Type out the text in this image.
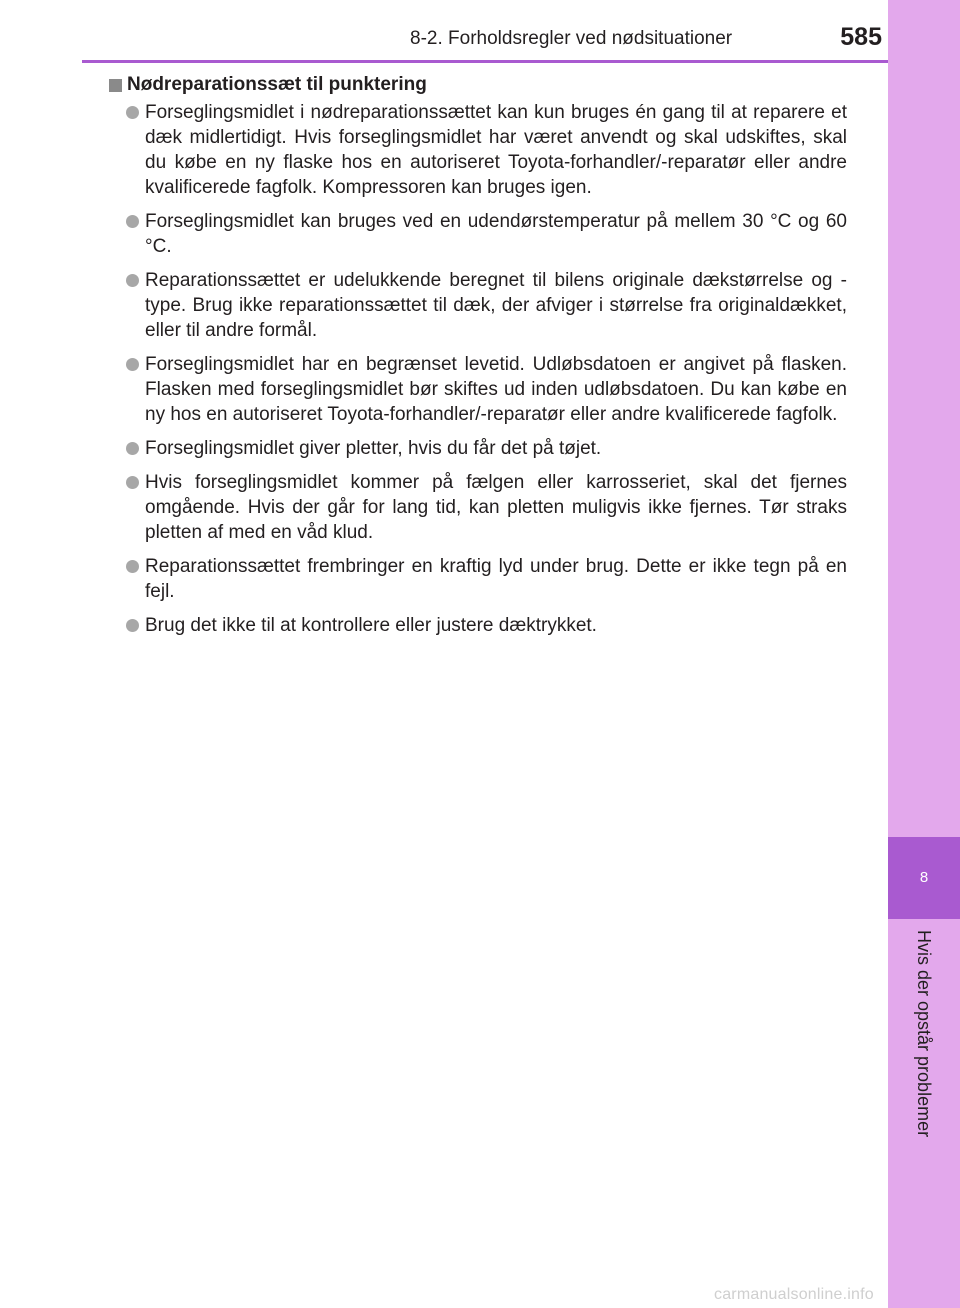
8
Hvis der opstår problemer
8-2. Forholdsregler ved nødsituationer	585
Nødreparationssæt til punktering
Forseglingsmidlet i nødreparationssættet kan kun bruges én gang til at reparere et dæk midlertidigt. Hvis forseglingsmidlet har været anvendt og skal udskiftes, skal du købe en ny flaske hos en autoriseret Toyota-forhandler/-reparatør eller andre kvalificerede fagfolk. Kompressoren kan bruges igen.
Forseglingsmidlet kan bruges ved en udendørstemperatur på mellem 30 °C og 60 °C.
Reparationssættet er udelukkende beregnet til bilens originale dækstørrelse og -type. Brug ikke reparationssættet til dæk, der afviger i størrelse fra originaldækket, eller til andre formål.
Forseglingsmidlet har en begrænset levetid. Udløbsdatoen er angivet på flasken. Flasken med forseglingsmidlet bør skiftes ud inden udløbsdatoen. Du kan købe en ny hos en autoriseret Toyota-forhandler/-reparatør eller andre kvalificerede fagfolk.
Forseglingsmidlet giver pletter, hvis du får det på tøjet.
Hvis forseglingsmidlet kommer på fælgen eller karrosseriet, skal det fjernes omgående. Hvis der går for lang tid, kan pletten muligvis ikke fjernes. Tør straks pletten af med en våd klud.
Reparationssættet frembringer en kraftig lyd under brug. Dette er ikke tegn på en fejl.
Brug det ikke til at kontrollere eller justere dæktrykket.
carmanualsonline.info
